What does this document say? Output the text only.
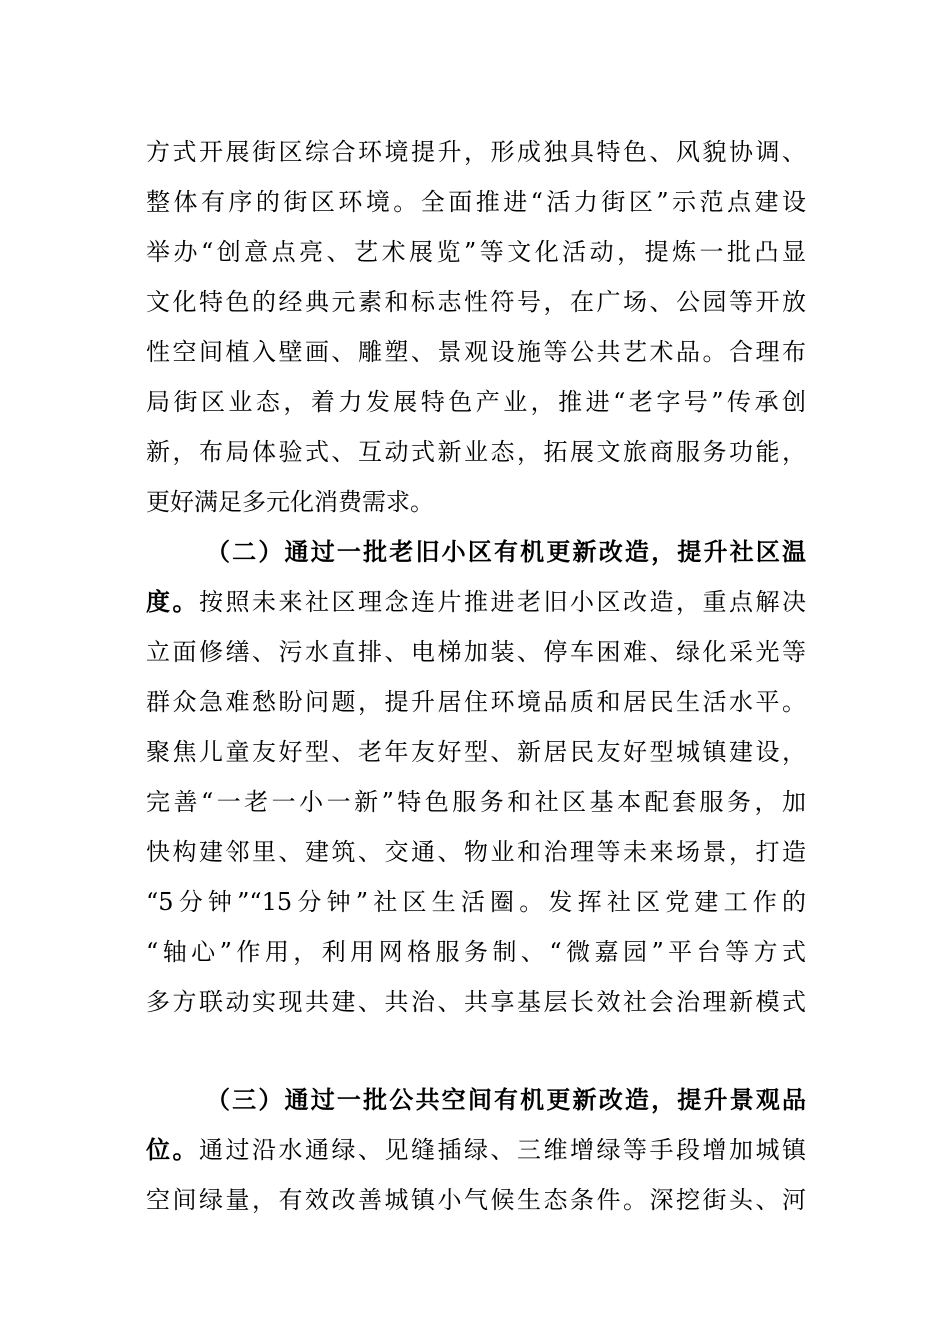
方式开展街区综合环境提升，形成独具特色、风貌协调、
整体有序的街区环境。全面推进“活力街区”示范点建设
举办“创意点亮、艺术展览”等文化活动，提炼一批凸显
文化特色的经典元素和标志性符号，在广场、公园等开放
性空间植入壁画、雕塑、景观设施等公共艺术品。合理布
局街区业态，着力发展特色产业，推进“老字号”传承创
新，布局体验式、互动式新业态，拓展文旅商服务功能，
更好满足多元化消费需求。
（二）通过一批老旧小区有机更新改造，提升社区温
度。按照未来社区理念连片推进老旧小区改造，重点解决
立面修缮、污水直排、电梯加装、停车困难、绿化采光等
群众急难愁盼问题，提升居住环境品质和居民生活水平。
聚焦儿童友好型、老年友好型、新居民友好型城镇建设，
完善“一老一小一新”特色服务和社区基本配套服务，加
快构建邻里、建筑、交通、物业和治理等未来场景，打造
“5分钟”“15分钟”社区生活圈。发挥社区党建工作的
“轴心”作用，利用网格服务制、“微嘉园”平台等方式
多方联动实现共建、共治、共享基层长效社会治理新模式
（三）通过一批公共空间有机更新改造，提升景观品
位。通过沿水通绿、见缝插绿、三维增绿等手段增加城镇
空间绿量，有效改善城镇小气候生态条件。深挖街头、河
